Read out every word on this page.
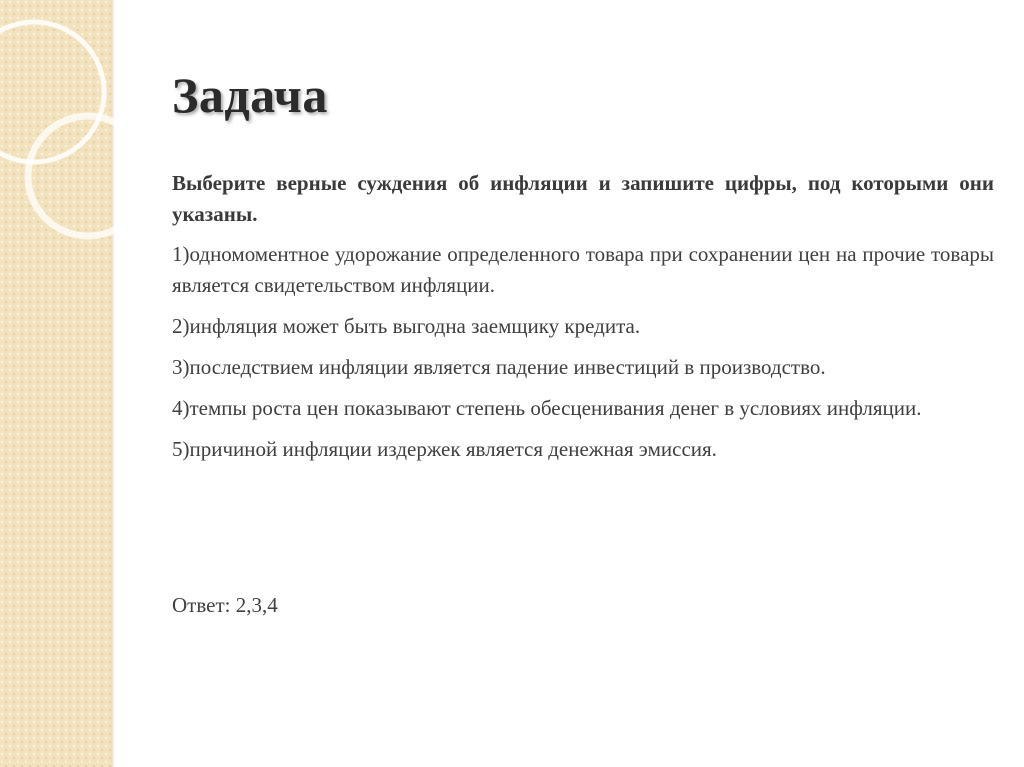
Задача
Выберите верные суждения об инфляции и запишите цифры, под которыми они указаны.
1)одномоментное удорожание определенного товара при сохранении цен на прочие товары является свидетельством инфляции.
2)инфляция может быть выгодна заемщику кредита.
3)последствием инфляции является падение инвестиций в производство.
4)темпы роста цен показывают степень обесценивания денег в условиях инфляции.
5)причиной инфляции издержек является денежная эмиссия.
Ответ: 2,3,4
